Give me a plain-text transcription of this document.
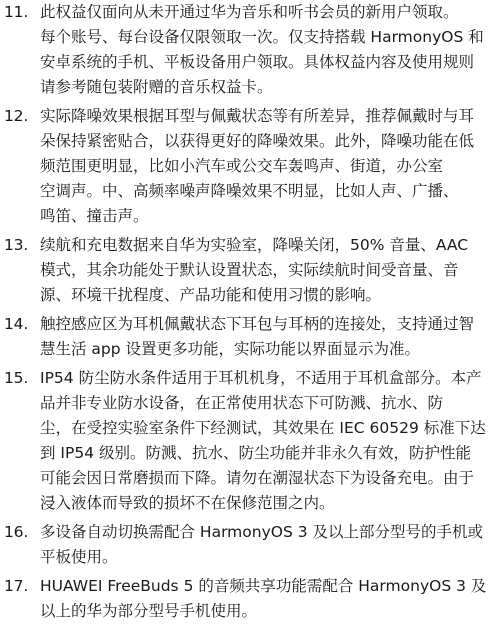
11. 此权益仅面向从未开通过华为音乐和听书会员的新用户领取。
每个账号、每台设备仅限领取一次。仅支持搭载 HarmonyOS 和
安卓系统的手机、平板设备用户领取。具体权益内容及使用规则
请参考随包装附赠的音乐权益卡。
12. 实际降噪效果根据耳型与佩戴状态等有所差异，推荐佩戴时与耳
朵保持紧密贴合，以获得更好的降噪效果。此外，降噪功能在低
频范围更明显，比如小汽车或公交车轰鸣声、街道，办公室
空调声。中、高频率噪声降噪效果不明显，比如人声、广播、
鸣笛、撞击声。
13. 续航和充电数据来自华为实验室，降噪关闭，50% 音量、AAC
模式，其余功能处于默认设置状态，实际续航时间受音量、音
源、环境干扰程度、产品功能和使用习惯的影响。
14. 触控感应区为耳机佩戴状态下耳包与耳柄的连接处，支持通过智
慧生活 app 设置更多功能，实际功能以界面显示为准。
15. IP54 防尘防水条件适用于耳机机身，不适用于耳机盒部分。本产
品并非专业防水设备，在正常使用状态下可防溅、抗水、防
尘，在受控实验室条件下经测试，其效果在 IEC 60529 标准下达
到 IP54 级别。防溅、抗水、防尘功能并非永久有效，防护性能
可能会因日常磨损而下降。请勿在潮湿状态下为设备充电。由于
浸入液体而导致的损坏不在保修范围之内。
16. 多设备自动切换需配合 HarmonyOS 3 及以上部分型号的手机或
平板使用。
17. HUAWEI FreeBuds 5 的音频共享功能需配合 HarmonyOS 3 及
以上的华为部分型号手机使用。
